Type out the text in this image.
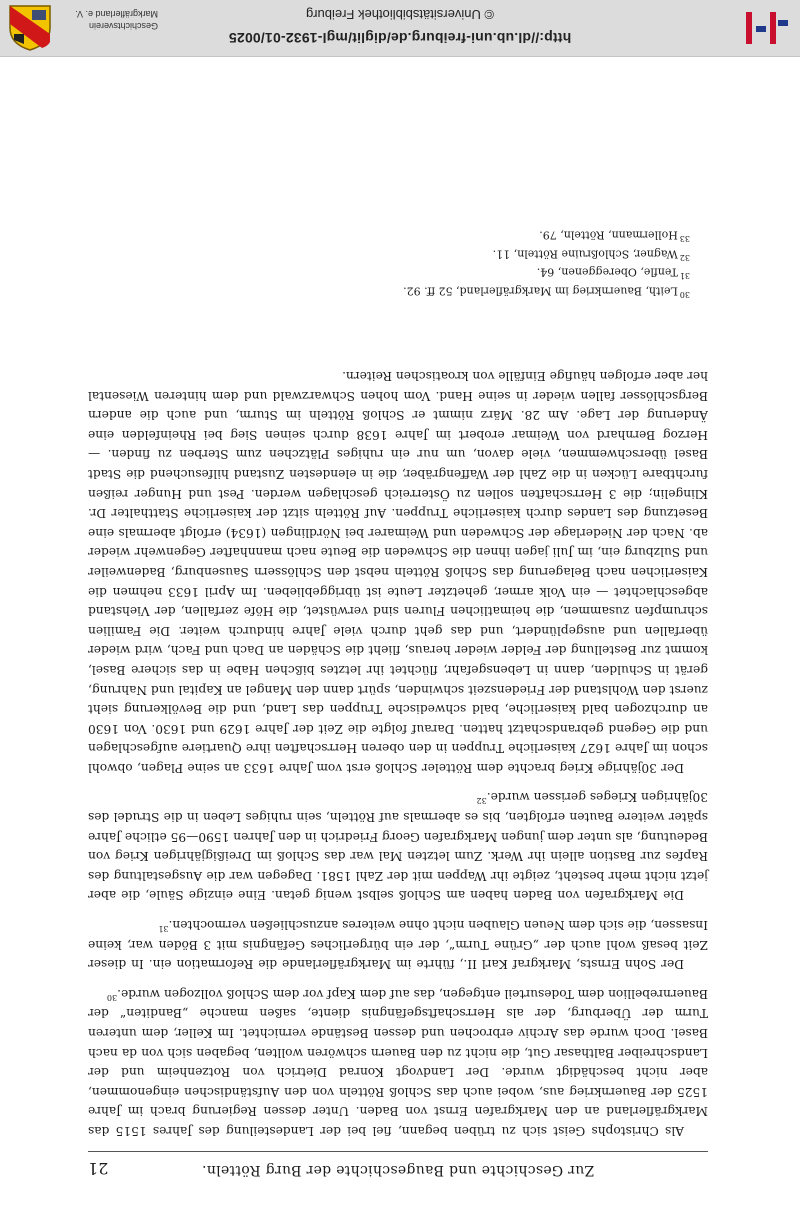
Geschichtsverein Markgräflerland e. V.	© Universitätsbibliothek Freiburg
http://dl.ub.uni-freiburg.de/diglit/mgl-1932-01/0025
Zur Geschichte und Baugeschichte der Burg Rötteln.
21

Als Christophs Geist sich zu trüben begann, fiel bei der Landesteilung des Jahres 1515 das Markgräflerland an den Markgrafen Ernst von Baden. Unter dessen Regierung brach im Jahre 1525 der Bauernkrieg aus, wobei auch das Schloß Rötteln von den Aufständischen eingenommen, aber nicht beschädigt wurde. Der Landvogt Konrad Dietrich von Rotzenheim und der Landschreiber Balthasar Gut, die nicht zu den Bauern schwören wollten, begaben sich von da nach Basel. Doch wurde das Archiv erbrochen und dessen Bestände vernichtet. Im Keller, dem unteren Turm der Überburg, der als Herrschaftsgefängnis diente, saßen manche „Banditen“ der Bauernrebellion dem Todesurteil entgegen, das auf dem Kapf vor dem Schloß vollzogen wurde.$^{30}$

Der Sohn Ernsts, Markgraf Karl II., führte im Markgräflerlande die Reformation ein. In dieser Zeit besaß wohl auch der „Grüne Turm“, der ein bürgerliches Gefängnis mit 3 Böden war, keine Insassen, die sich dem Neuen Glauben nicht ohne weiteres anzuschließen vermochten.$^{31}$

Die Markgrafen von Baden haben am Schloß selbst wenig getan. Eine einzige Säule, die aber jetzt nicht mehr besteht, zeigte ihr Wappen mit der Zahl 1581. Dagegen war die Ausgestaltung des Rapfes zur Bastion allein ihr Werk. Zum letzten Mal war das Schloß im Dreißigjährigen Krieg von Bedeutung, als unter dem jungen Markgrafen Georg Friedrich in den Jahren 1590—95 etliche Jahre später weitere Bauten erfolgten, bis es abermals auf Rötteln, sein ruhiges Leben in die Strudel des 30jährigen Krieges gerissen wurde.$^{32}$

Der 30jährige Krieg brachte dem Rötteler Schloß erst vom Jahre 1633 an seine Plagen, obwohl schon im Jahre 1627 kaiserliche Truppen in den oberen Herrschaften ihre Quartiere aufgeschlagen und die Gegend gebrandschatzt hatten. Darauf folgte die Zeit der Jahre 1629 und 1630. Von 1630 an durchzogen bald kaiserliche, bald schwedische Truppen das Land, und die Bevölkerung sieht zuerst den Wohlstand der Friedenszeit schwinden, spürt dann den Mangel an Kapital und Nahrung, gerät in Schulden, dann in Lebensgefahr, flüchtet ihr letztes bißchen Habe in das sichere Basel, kommt zur Bestellung der Felder wieder heraus, flieht die Schäden an Dach und Fach, wird wieder überfallen und ausgeplündert, und das geht durch viele Jahre hindurch weiter. Die Familien schrumpfen zusammen, die heimatlichen Fluren sind verwüstet, die Höfe zerfallen, der Viehstand abgeschlachtet — ein Volk armer, gehetzter Leute ist übriggeblieben. Im April 1633 nehmen die Kaiserlichen nach Belagerung das Schloß Rötteln nebst den Schlössern Sausenburg, Badenweiler und Sulzburg ein, im Juli jagen ihnen die Schweden die Beute nach mannhafter Gegenwehr wieder ab. Nach der Niederlage der Schweden und Weimarer bei Nördlingen (1634) erfolgt abermals eine Besetzung des Landes durch kaiserliche Truppen. Auf Rötteln sitzt der kaiserliche Statthalter Dr. Klingelin; die 3 Herrschaften sollen zu Österreich geschlagen werden. Pest und Hunger reißen furchtbare Lücken in die Zahl der Waffengräber, die in elendesten Zustand hilfesuchend die Stadt Basel überschwemmen, viele davon, um nur ein ruhiges Plätzchen zum Sterben zu finden. — Herzog Bernhard von Weimar erobert im Jahre 1638 durch seinen Sieg bei Rheinfelden eine Änderung der Lage. Am 28. März nimmt er Schloß Rötteln im Sturm, und auch die andern Bergschlösser fallen wieder in seine Hand. Vom hohen Schwarzwald und dem hinteren Wiesental her aber erfolgen häufige Einfälle von kroatischen Reitern.

$^{30}$Leith, Bauernkrieg im Markgräflerland, 52 ff. 92.

$^{31}$Tenfle, Obereggenen, 64.

$^{32}$Wagner, Schloßruine Rötteln, 11.

$^{33}$Hollermann, Rötteln, 79.
